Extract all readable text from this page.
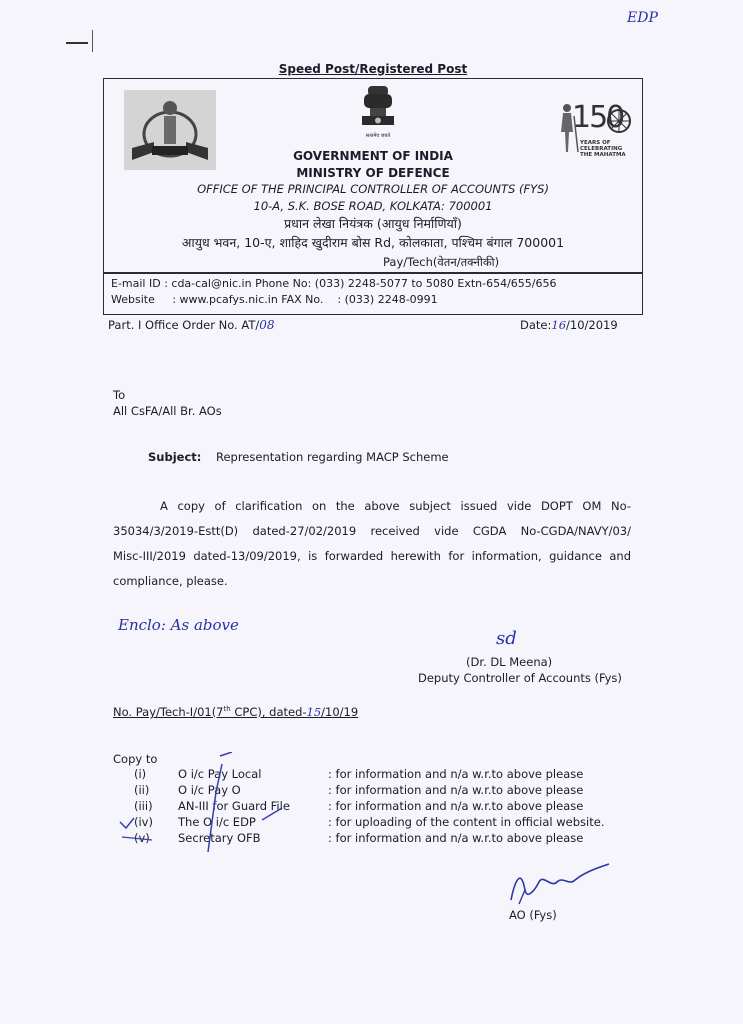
EDP
Speed Post/Registered Post
सत्यमेव जयते
150
YEARS OF
CELEBRATING
THE MAHATMA
GOVERNMENT OF INDIA
MINISTRY OF DEFENCE
OFFICE OF THE PRINCIPAL CONTROLLER OF ACCOUNTS (FYS)
10-A, S.K. BOSE ROAD, KOLKATA: 700001
प्रधान लेखा नियंत्रक (आयुध निर्माणियाँ)
आयुध भवन, 10-ए, शाहिद खुदीराम बोस Rd, कोलकाता, पश्चिम बंगाल 700001
Pay/Tech(वेतन/तक्नीकी)
E-mail ID : cda-cal@nic.in Phone No: (033) 2248-5077 to 5080 Extn-654/655/656
Website     : www.pcafys.nic.in FAX No.    : (033) 2248-0991
Part. I Office Order No. AT/08	Date:16/10/2019
To
All CsFA/All Br. AOs
Subject: Representation regarding MACP Scheme
A copy of clarification on the above subject issued vide DOPT OM No-
35034/3/2019-Estt(D) dated-27/02/2019 received vide CGDA No-CGDA/NAVY/03/
Misc-III/2019 dated-13/09/2019, is forwarded herewith for information, guidance and
compliance, please.
Enclo: As above
sd
(Dr. DL Meena)
Deputy Controller of Accounts (Fys)
No. Pay/Tech-I/01(7th CPC), dated-15/10/19
Copy to
(i)	O i/c Pay Local	: for information and n/a w.r.to above please
(ii)	O i/c Pay O	: for information and n/a w.r.to above please
(iii)	AN-III for Guard File	: for information and n/a w.r.to above please
(iv)	The O i/c EDP	: for uploading of the content in official website.
(v)	Secretary OFB	: for information and n/a w.r.to above please
AO (Fys)
